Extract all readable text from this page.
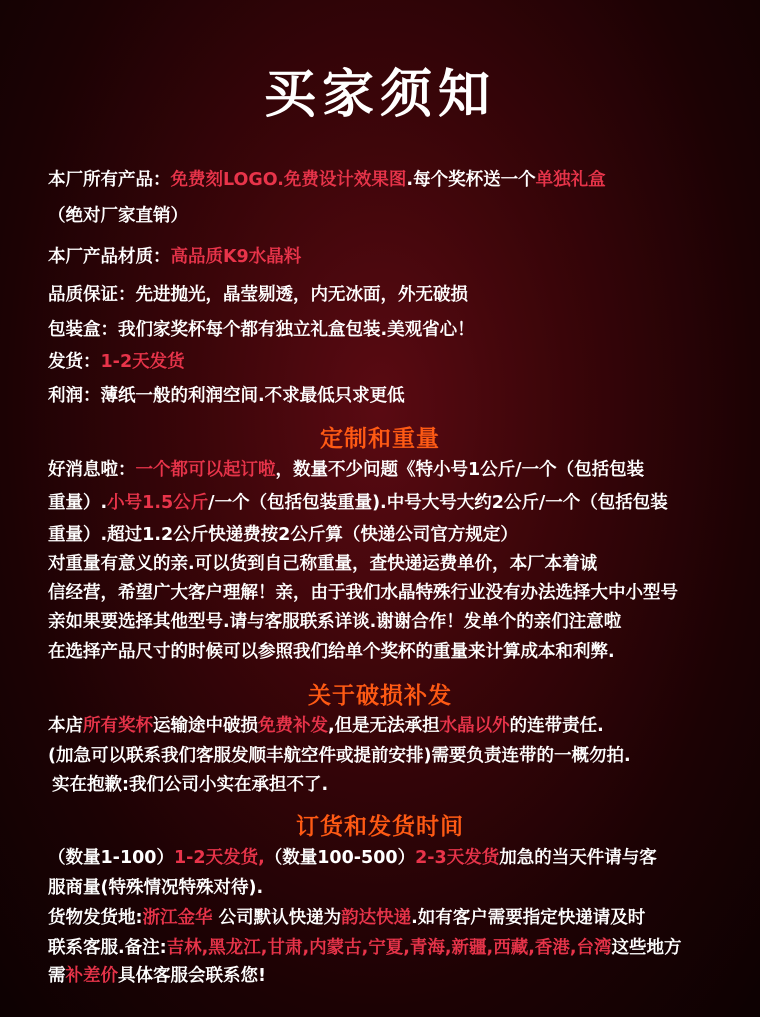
买家须知
本厂所有产品：免费刻LOGO.免费设计效果图.每个奖杯送一个单独礼盒
（绝对厂家直销）
本厂产品材质：高品质K9水晶料
品质保证：先进抛光，晶莹剔透，内无冰面，外无破损
包装盒：我们家奖杯每个都有独立礼盒包装.美观省心！
发货：1-2天发货
利润：薄纸一般的利润空间.不求最低只求更低
定制和重量
好消息啦：一个都可以起订啦，数量不少问题《特小号1公斤/一个（包括包装
重量）.小号1.5公斤/一个（包括包装重量).中号大号大约2公斤/一个（包括包装
重量）.超过1.2公斤快递费按2公斤算（快递公司官方规定）
对重量有意义的亲.可以货到自己称重量，查快递运费单价，本厂本着诚
信经营，希望广大客户理解！亲，由于我们水晶特殊行业没有办法选择大中小型号
亲如果要选择其他型号.请与客服联系详谈.谢谢合作！发单个的亲们注意啦
在选择产品尺寸的时候可以参照我们给单个奖杯的重量来计算成本和利弊.
关于破损补发
本店所有奖杯运输途中破损免费补发,但是无法承担水晶以外的连带责任.
(加急可以联系我们客服发顺丰航空件或提前安排)需要负责连带的一概勿拍.
实在抱歉:我们公司小实在承担不了.
订货和发货时间
（数量1-100）1-2天发货,（数量100-500）2-3天发货加急的当天件请与客
服商量(特殊情况特殊对待).
货物发货地:浙江金华 公司默认快递为韵达快递.如有客户需要指定快递请及时
联系客服.备注:吉林,黑龙江,甘肃,内蒙古,宁夏,青海,新疆,西藏,香港,台湾这些地方
需补差价具体客服会联系您!
